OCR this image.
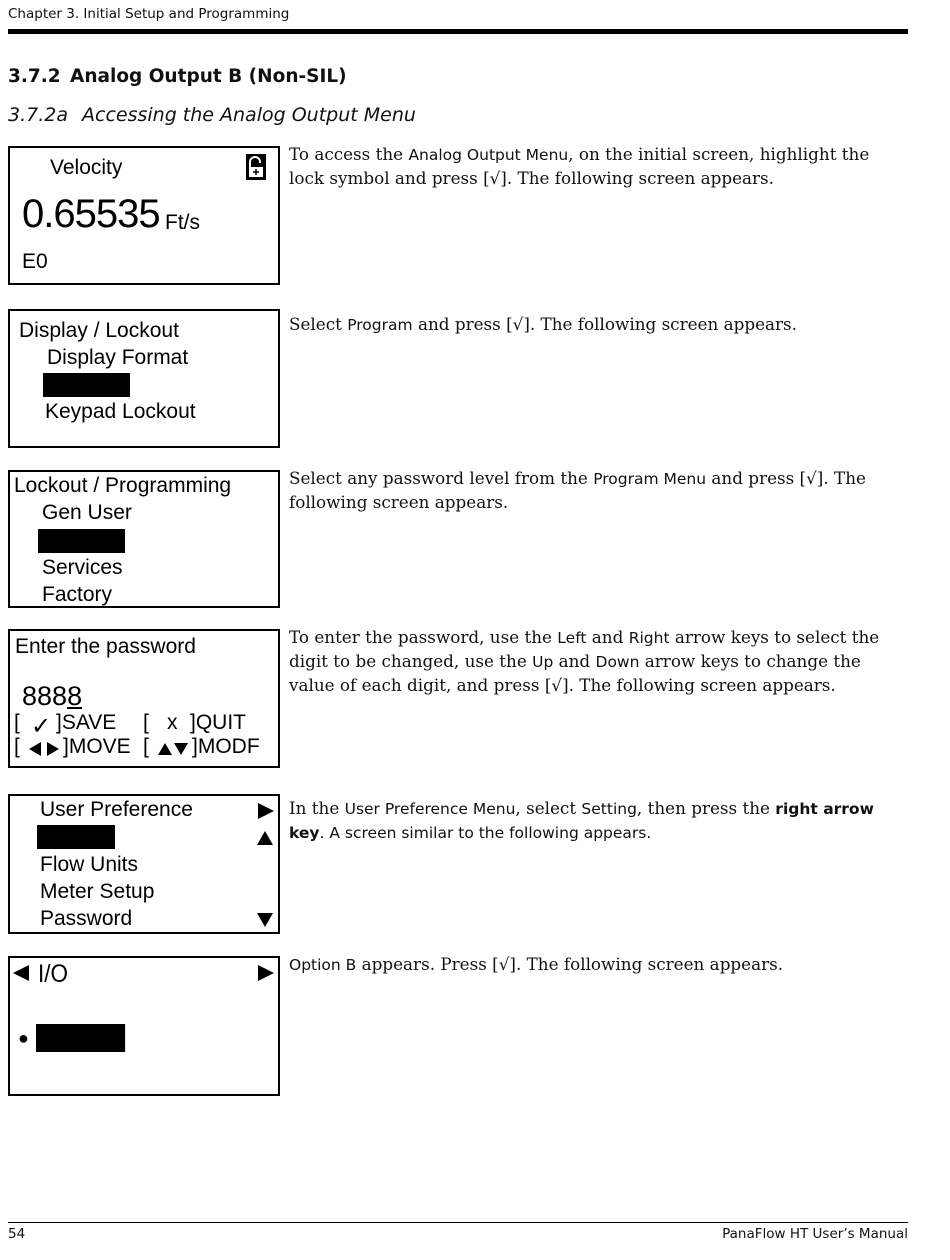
Chapter 3. Initial Setup and Programming
3.7.2 Analog Output B (Non-SIL)
3.7.2a Accessing the Analog Output Menu
Velocity
0.65535 Ft/s
E0
To access the Analog Output Menu, on the initial screen, highlight the lock symbol and press [√]. The following screen appears.
Display / Lockout
Display Format
Program
Keypad Lockout
Select Program and press [√]. The following screen appears.
Lockout / Programming
Gen User
SIL User
Services
Factory
Select any password level from the Program Menu and press [√]. The following screen appears.
Enter the password
8888
[ ✓ ]SAVE [ x ]QUIT
[ ]MOVE [ ]MODF
To enter the password, use the Left and Right arrow keys to select the digit to be changed, use the Up and Down arrow keys to change the value of each digit, and press [√]. The following screen appears.
User Preference
Setting
Flow Units
Meter Setup
Password
In the User Preference Menu, select Setting, then press the right arrow key. A screen similar to the following appears.
I/O
● Option B
Option B appears. Press [√]. The following screen appears.
54	PanaFlow HT User’s Manual
